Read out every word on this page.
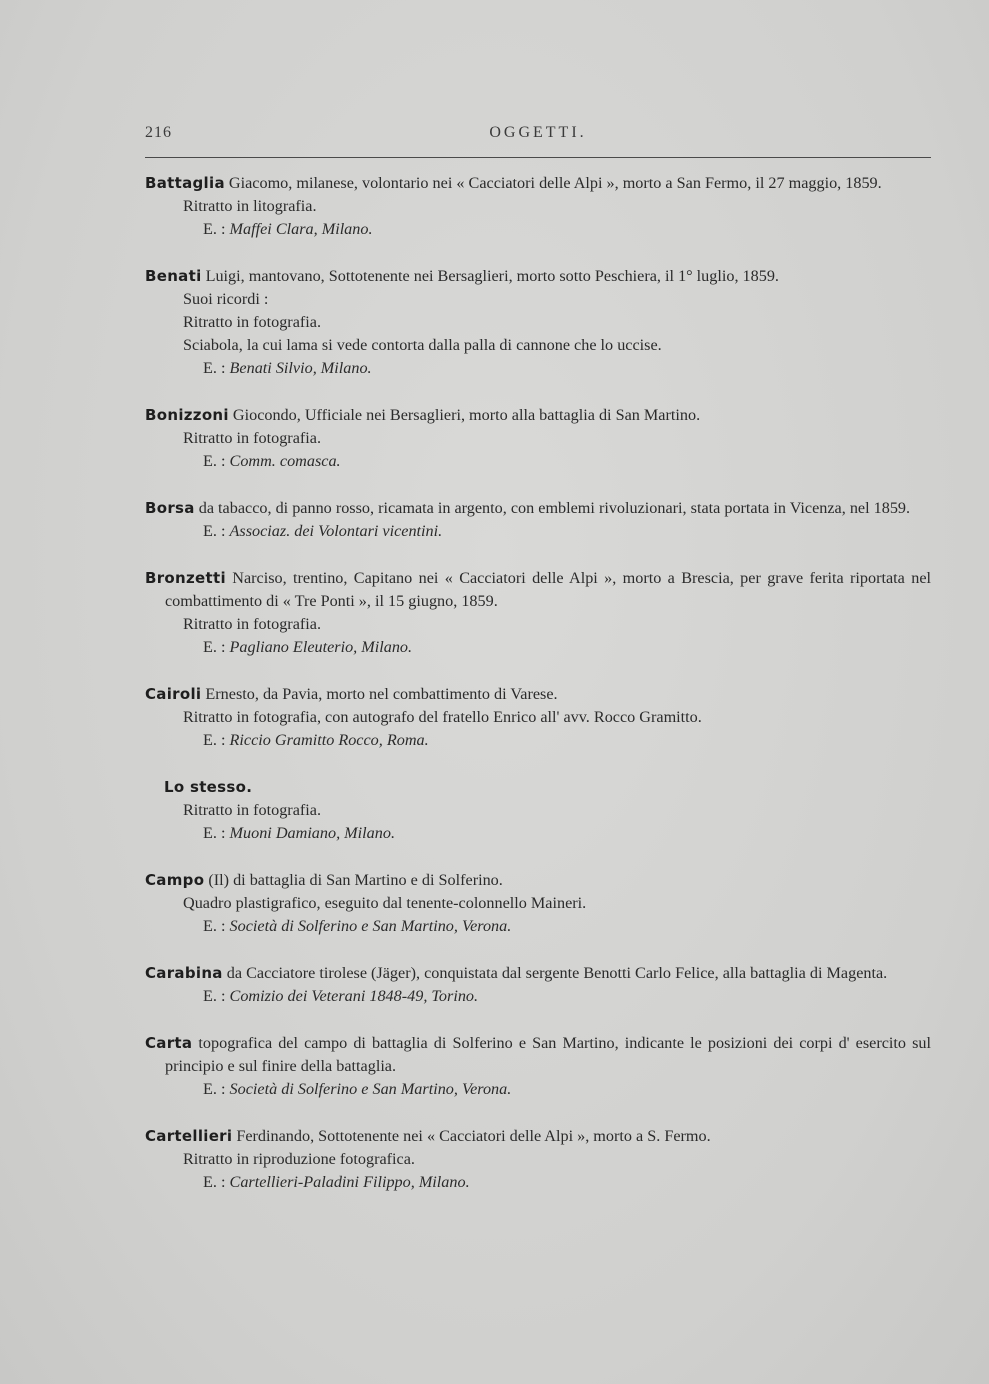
216	OGGETTI.

Battaglia Giacomo, milanese, volontario nei « Cacciatori delle Alpi », morto a San Fermo, il 27 maggio, 1859.

Ritratto in litografia.

E. : Maffei Clara, Milano.

Benati Luigi, mantovano, Sottotenente nei Bersaglieri, morto sotto Peschiera, il 1° luglio, 1859.

Suoi ricordi :

Ritratto in fotografia.

Sciabola, la cui lama si vede contorta dalla palla di cannone che lo uccise.

E. : Benati Silvio, Milano.

Bonizzoni Giocondo, Ufficiale nei Bersaglieri, morto alla battaglia di San Martino.

Ritratto in fotografia.

E. : Comm. comasca.

Borsa da tabacco, di panno rosso, ricamata in argento, con emblemi rivoluzionari, stata portata in Vicenza, nel 1859.

E. : Associaz. dei Volontari vicentini.

Bronzetti Narciso, trentino, Capitano nei « Cacciatori delle Alpi », morto a Brescia, per grave ferita riportata nel combattimento di « Tre Ponti », il 15 giugno, 1859.

Ritratto in fotografia.

E. : Pagliano Eleuterio, Milano.

Cairoli Ernesto, da Pavia, morto nel combattimento di Varese.

Ritratto in fotografia, con autografo del fratello Enrico all' avv. Rocco Gramitto.

E. : Riccio Gramitto Rocco, Roma.

Lo stesso.

Ritratto in fotografia.

E. : Muoni Damiano, Milano.

Campo (Il) di battaglia di San Martino e di Solferino.

Quadro plastigrafico, eseguito dal tenente-colonnello Maineri.

E. : Società di Solferino e San Martino, Verona.

Carabina da Cacciatore tirolese (Jäger), conquistata dal sergente Benotti Carlo Felice, alla battaglia di Magenta.

E. : Comizio dei Veterani 1848-49, Torino.

Carta topografica del campo di battaglia di Solferino e San Martino, indicante le posizioni dei corpi d' esercito sul principio e sul finire della battaglia.

E. : Società di Solferino e San Martino, Verona.

Cartellieri Ferdinando, Sottotenente nei « Cacciatori delle Alpi », morto a S. Fermo.

Ritratto in riproduzione fotografica.

E. : Cartellieri-Paladini Filippo, Milano.
